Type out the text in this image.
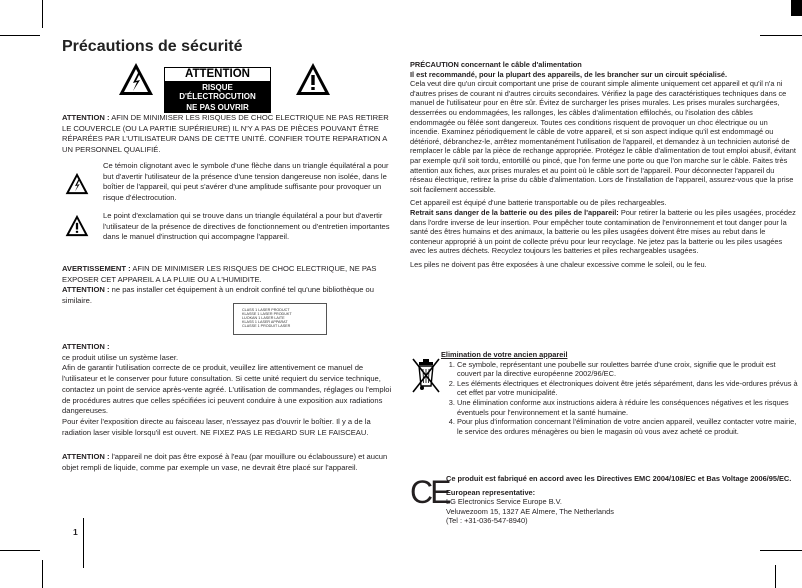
Précautions de sécurité
ATTENTION
RISQUE D'ÉLECTROCUTION
NE PAS OUVRIR

ATTENTION : AFIN DE MINIMISER LES RISQUES DE CHOC ELECTRIQUE NE PAS RETIRER LE COUVERCLE (OU LA PARTIE SUPÉRIEURE) IL N'Y A PAS DE PIÈCES POUVANT ÊTRE RÉPARÉES PAR L'UTILISATEUR DANS DE CETTE UNITÉ. CONFIER TOUTE REPARATION A UN PERSONNEL QUALIFIÉ.

Ce témoin clignotant avec le symbole d'une flèche dans un triangle équilatéral a pour but d'avertir l'utilisateur de la présence d'une tension dangereuse non isolée, dans le boîtier de l'appareil, qui peut s'avérer d'une amplitude suffisante pour provoquer un risque d'électrocution.

Le point d'exclamation qui se trouve dans un triangle équilatéral a pour but d'avertir l'utilisateur de la présence de directives de fonctionnement ou d'entretien importantes dans le manuel d'instruction qui accompagne l'appareil.

AVERTISSEMENT : AFIN DE MINIMISER LES RISQUES DE CHOC ELECTRIQUE, NE PAS EXPOSER CET APPAREIL A LA PLUIE OU A L'HUMIDITE.

ATTENTION : ne pas installer cet équipement à un endroit confiné tel qu'une bibliothèque ou similaire.

CLASS 1 LASER PRODUCT
KLASSE 1 LASER PRODUKT
LUOKAN 1 LASER LAITE
KLASS 1 LASER APPARAT
CLASSE 1 PRODUIT LASER

ATTENTION :

ce produit utilise un système laser.

Afin de garantir l'utilisation correcte de ce produit, veuillez lire attentivement ce manuel de l'utilisateur et le conserver pour future consultation. Si cette unité requiert du service technique, contactez un point de service après-vente agréé. L'utilisation de commandes, réglages ou l'emploi de procédures autres que celles spécifiées ici peuvent conduire à une exposition aux radiations dangereuses.

Pour éviter l'exposition directe au faisceau laser, n'essayez pas d'ouvrir le boîtier. Il y a de la radiation laser visible lorsqu'il est ouvert. NE FIXEZ PAS LE REGARD SUR LE FAISCEAU.

ATTENTION : l'appareil ne doit pas être exposé à l'eau (par mouillure ou éclaboussure) et aucun objet rempli de liquide, comme par exemple un vase, ne devrait être placé sur l'appareil.

1

PRÉCAUTION concernant le câble d'alimentation

Il est recommandé, pour la plupart des appareils, de les brancher sur un circuit spécialisé.

Cela veut dire qu'un circuit comportant une prise de courant simple alimente uniquement cet appareil et qu'il n'a ni d'autres prises de courant ni d'autres circuits secondaires. Vérifiez la page des caractéristiques techniques dans ce manuel de l'utilisateur pour en être sûr. Évitez de surcharger les prises murales. Les prises murales surchargées, desserrées ou endommagées, les rallonges, les câbles d'alimentation effilochés, ou l'isolation des câbles endommagée ou fêlée sont dangereux. Toutes ces conditions risquent de provoquer un choc électrique ou un incendie. Examinez périodiquement le câble de votre appareil, et si son aspect indique qu'il est endommagé ou détérioré, débranchez-le, arrêtez momentanément l'utilisation de l'appareil, et demandez à un technicien autorisé de remplacer le câble par la pièce de rechange appropriée. Protégez le câble d'alimentation de tout emploi abusif, évitant par exemple qu'il soit tordu, entortillé ou pincé, que l'on ferme une porte ou que l'on marche sur le câble. Faites très attention aux fiches, aux prises murales et au point où le câble sort de l'appareil. Pour déconnecter l'appareil du réseau électrique, retirez la prise du câble d'alimentation. Lors de l'installation de l'appareil, assurez-vous que la prise soit facilement accessible.

Cet appareil est équipé d'une batterie transportable ou de piles rechargeables.

Retrait sans danger de la batterie ou des piles de l'appareil: Pour retirer la batterie ou les piles usagées, procédez dans l'ordre inverse de leur insertion. Pour empêcher toute contamination de l'environnement et tout danger pour la santé des êtres humains et des animaux, la batterie ou les piles usagées doivent être mises au rebut dans le conteneur approprié à un point de collecte prévu pour leur recyclage. Ne jetez pas la batterie ou les piles usagées avec les autres déchets. Recyclez toujours les batteries et piles rechargeables usagées.

Les piles ne doivent pas être exposées à une chaleur excessive comme le soleil, ou le feu.

Elimination de votre ancien appareil

1. Ce symbole, représentant une poubelle sur roulettes barrée d'une croix, signifie que le produit est couvert par la directive européenne 2002/96/EC.
2. Les éléments électriques et électroniques doivent être jetés séparément, dans les vide-ordures prévus à cet effet par votre municipalité.
3. Une élimination conforme aux instructions aidera à réduire les conséquences négatives et les risques éventuels pour l'environnement et la santé humaine.
4. Pour plus d'information concernant l'élimination de votre ancien appareil, veuillez contacter votre mairie, le service des ordures ménagères ou bien le magasin où vous avez acheté ce produit.
CE

Ce produit est fabriqué en accord avec les Directives EMC 2004/108/EC et Bas Voltage 2006/95/EC.

European representative:

LG Electronics Service Europe B.V.

Veluwezoom 15, 1327 AE Almere, The Netherlands

(Tel : +31-036-547-8940)
